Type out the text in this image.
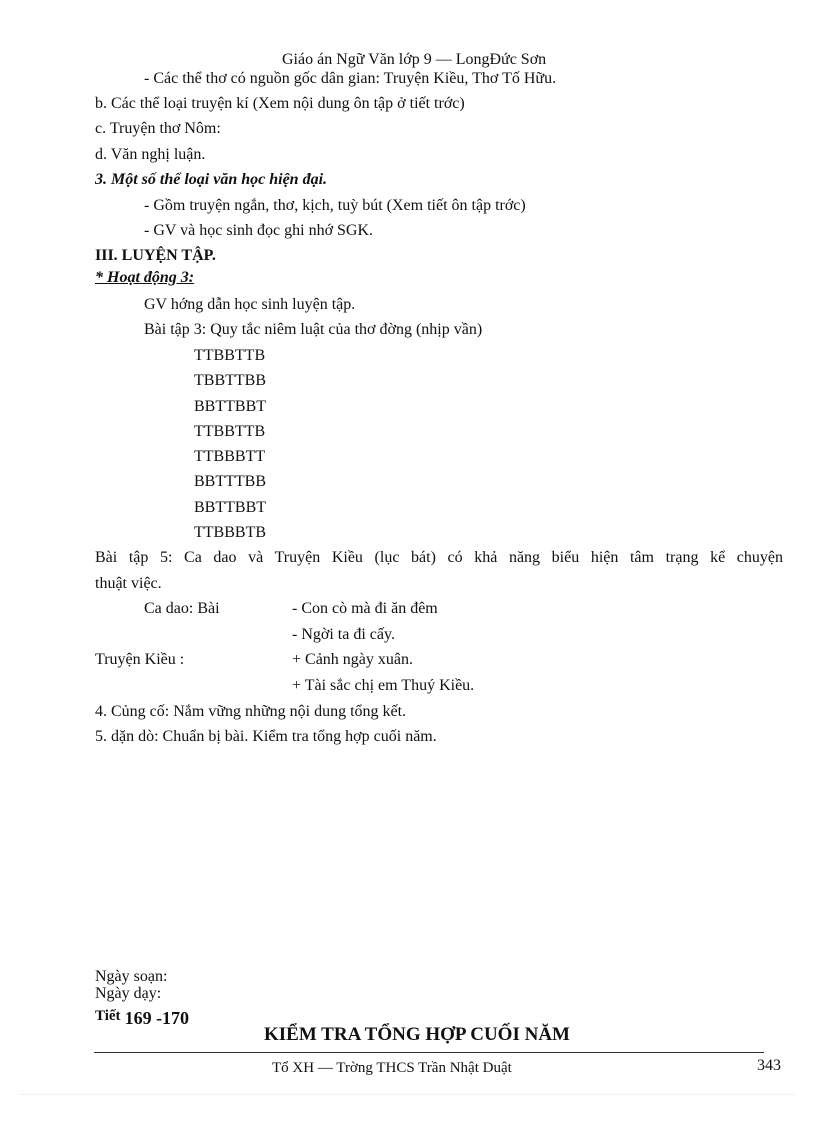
Giáo án Ngữ Văn lớp 9 — LongĐức Sơn
- Các thể thơ có nguồn gốc dân gian: Truyện Kiều, Thơ Tố Hữu.
b. Các thể loại truyện kí (Xem nội dung ôn tập ở tiết trớc)
c. Truyện thơ Nôm:
d. Văn nghị luận.
3. Một số thể loại văn học hiện đại.
- Gồm truyện ngắn, thơ, kịch, tuỳ bút (Xem tiết ôn tập trớc)
- GV và học sinh đọc ghi nhớ SGK.
III. LUYỆN TẬP.
* Hoạt động 3:
GV hớng dẫn học sinh luyện tập.
Bài tập 3: Quy tắc niêm luật của thơ đờng (nhịp vần)
TTBBTTB
TBBTTBB
BBTTBBT
TTBBTTB
TTBBBTT
BBTTTBB
BBTTBBT
TTBBBTB
Bài tập 5: Ca dao và Truyện Kiều (lục bát) có khả năng biểu hiện tâm trạng kể chuyện
thuật việc.
Ca dao: Bài	- Con cò mà đi ăn đêm
- Ngời ta đi cấy.
Truyện Kiều :	+ Cảnh ngày xuân.
+ Tài sắc chị em Thuý Kiều.
4. Củng cố: Nắm vững những nội dung tổng kết.
5. dặn dò: Chuẩn bị bài. Kiểm tra tổng hợp cuối năm.
Ngày soạn:
Ngày dạy:
Tiết 169 -170
KIỂM TRA TỔNG HỢP CUỐI NĂM
Tổ XH — Trờng THCS Trần Nhật Duật	343
